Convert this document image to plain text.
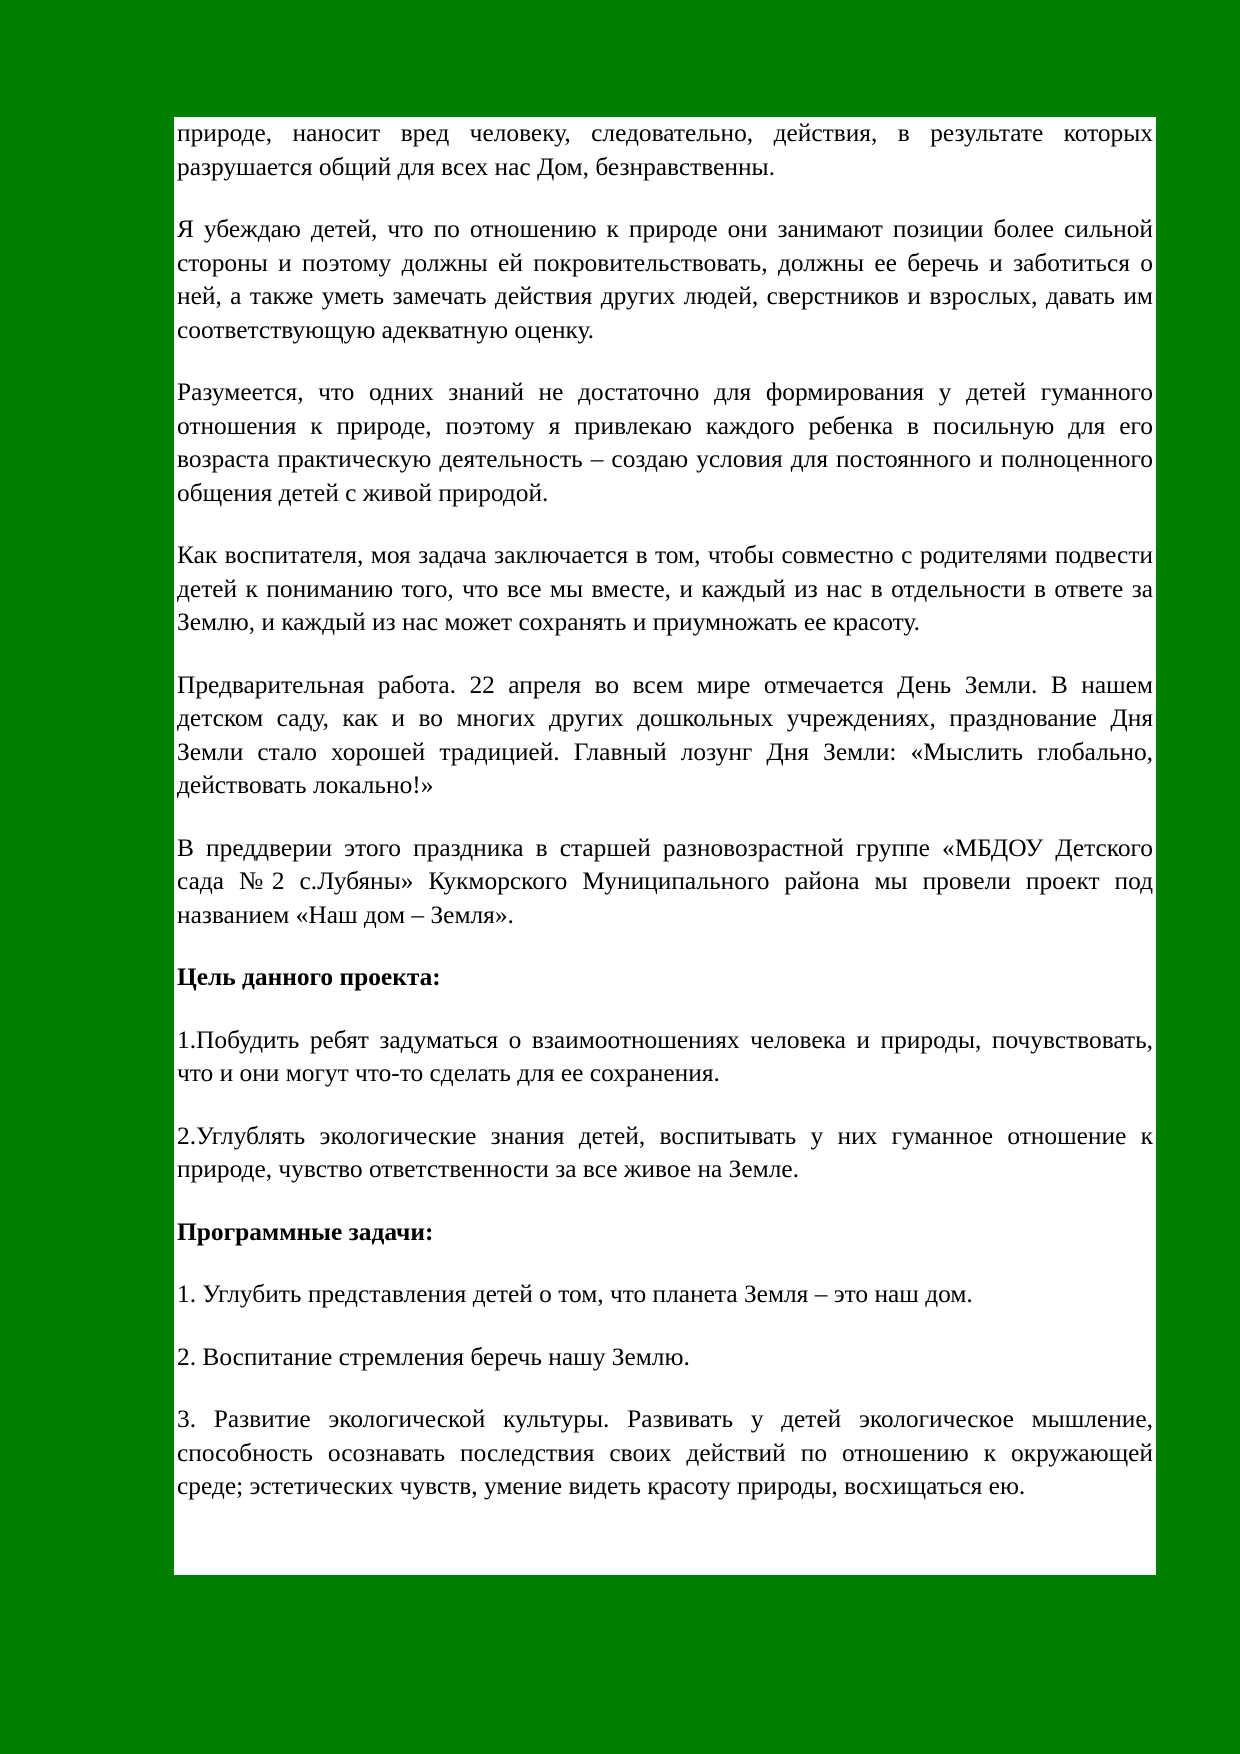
природе, наносит вред человеку, следовательно, действия, в результате которых разрушается общий для всех нас Дом, безнравственны.

Я убеждаю детей, что по отношению к природе они занимают позиции более сильной стороны и поэтому должны ей покровительствовать, должны ее беречь и заботиться о ней, а также уметь замечать действия других людей, сверстников и взрослых, давать им соответствующую адекватную оценку.

Разумеется, что одних знаний не достаточно для формирования у детей гуманного отношения к природе, поэтому я привлекаю каждого ребенка в посильную для его возраста практическую деятельность – создаю условия для постоянного и полноценного общения детей с живой природой.

Как воспитателя, моя задача заключается в том, чтобы совместно с родителями подвести детей к пониманию того, что все мы вместе, и каждый из нас в отдельности в ответе за Землю, и каждый из нас может сохранять и приумножать ее красоту.

Предварительная работа. 22 апреля во всем мире отмечается День Земли. В нашем детском саду, как и во многих других дошкольных учреждениях, празднование Дня Земли стало хорошей традицией. Главный лозунг Дня Земли: «Мыслить глобально, действовать локально!»

В преддверии этого праздника в старшей разновозрастной группе «МБДОУ Детского сада №2 с.Лубяны» Кукморского Муниципального района мы провели проект под названием «Наш дом – Земля».

Цель данного проекта:

1.Побудить ребят задуматься о взаимоотношениях человека и природы, почувствовать, что и они могут что-то сделать для ее сохранения.

2.Углублять экологические знания детей, воспитывать у них гуманное отношение к природе, чувство ответственности за все живое на Земле.

Программные задачи:

1. Углубить представления детей о том, что планета Земля – это наш дом.

2. Воспитание стремления беречь нашу Землю.

3. Развитие экологической культуры. Развивать у детей экологическое мышление, способность осознавать последствия своих действий по отношению к окружающей среде; эстетических чувств, умение видеть красоту природы, восхищаться ею.
